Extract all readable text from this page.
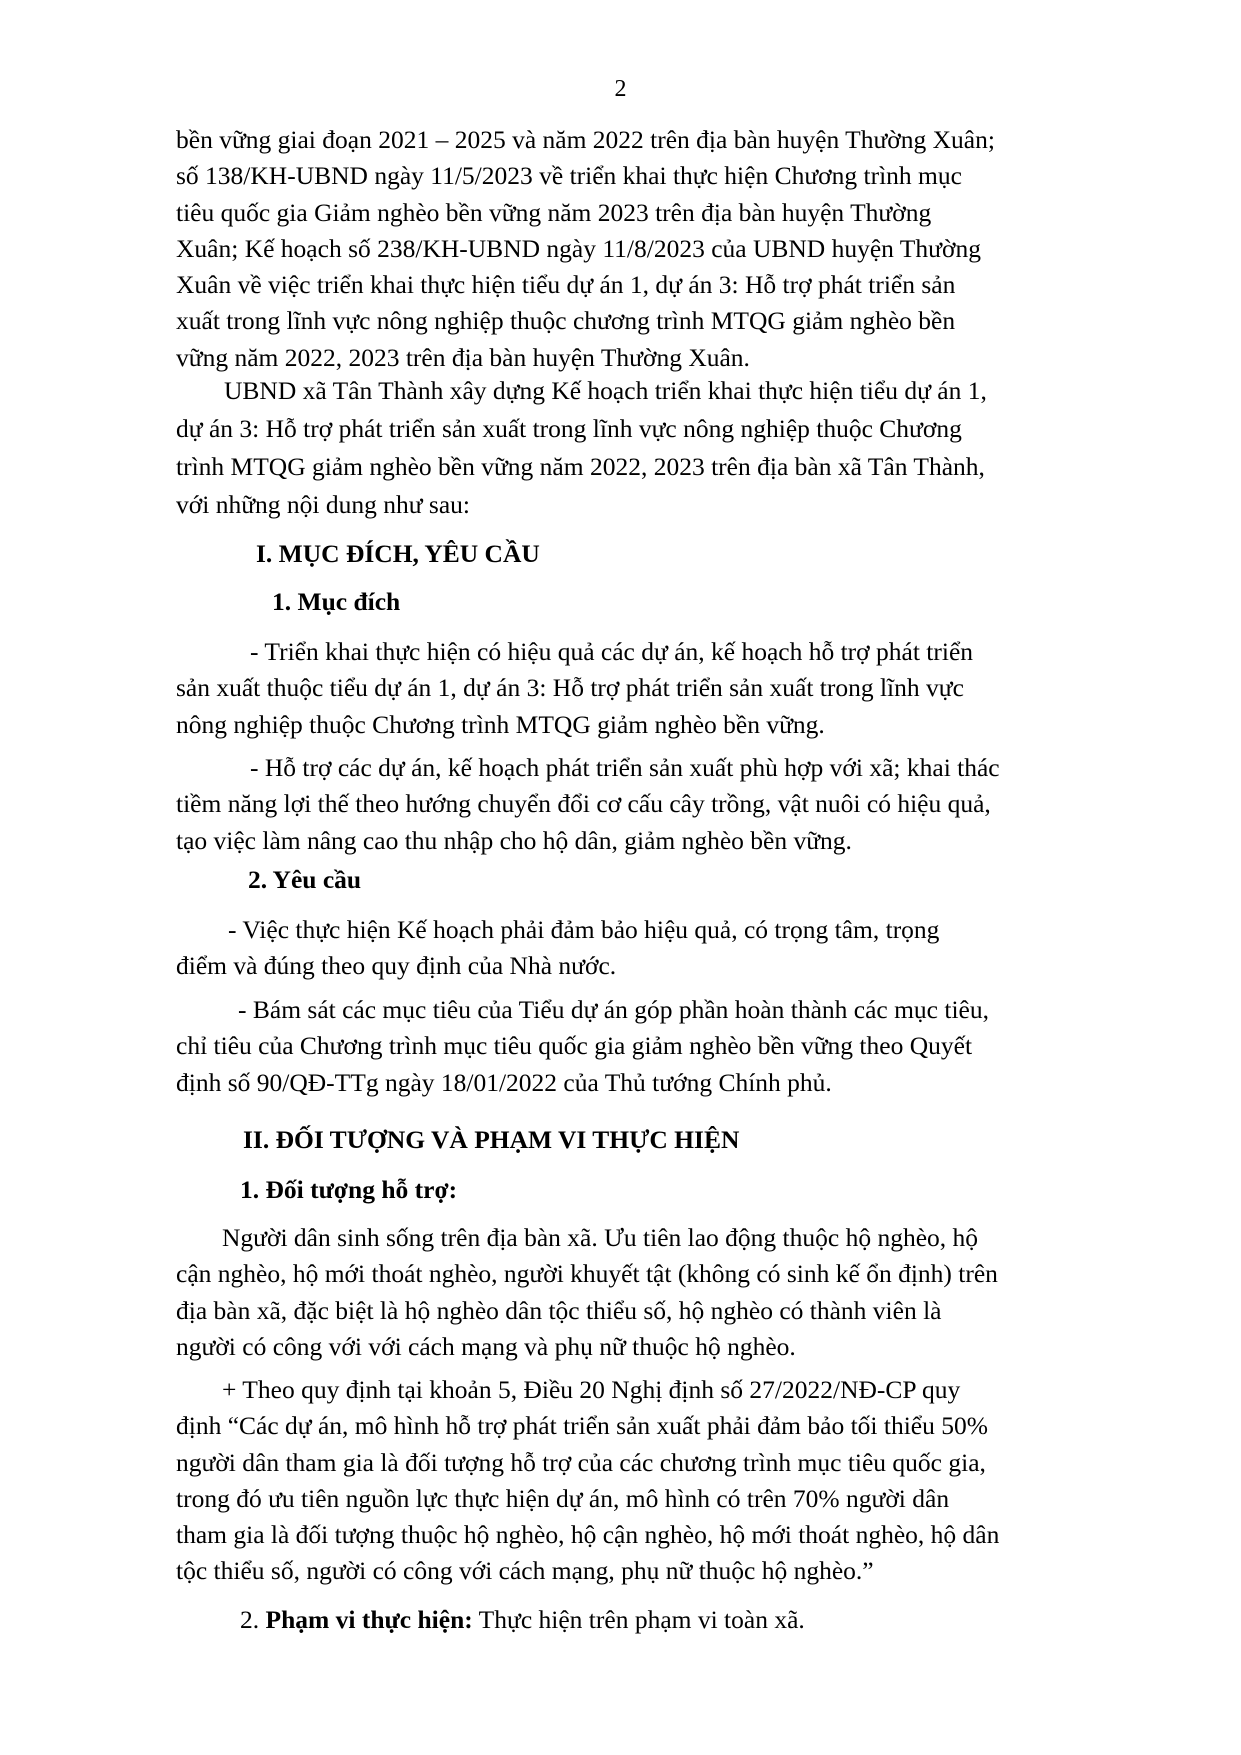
2
bền vững giai đoạn 2021 – 2025 và năm 2022 trên địa bàn huyện Thường Xuân;
số 138/KH-UBND ngày 11/5/2023 về triển khai thực hiện Chương trình mục
tiêu quốc gia Giảm nghèo bền vững năm 2023 trên địa bàn huyện Thường
Xuân; Kế hoạch số 238/KH-UBND ngày 11/8/2023 của UBND huyện Thường
Xuân về việc triển khai thực hiện tiểu dự án 1, dự án 3: Hỗ trợ phát triển sản
xuất trong lĩnh vực nông nghiệp thuộc chương trình MTQG giảm nghèo bền
vững năm 2022, 2023 trên địa bàn huyện Thường Xuân.
UBND xã Tân Thành xây dựng Kế hoạch triển khai thực hiện tiểu dự án 1,
dự án 3: Hỗ trợ phát triển sản xuất trong lĩnh vực nông nghiệp thuộc Chương
trình MTQG giảm nghèo bền vững năm 2022, 2023 trên địa bàn xã Tân Thành,
với những nội dung như sau:
I. MỤC ĐÍCH, YÊU CẦU
1. Mục đích
- Triển khai thực hiện có hiệu quả các dự án, kế hoạch hỗ trợ phát triển
sản xuất thuộc tiểu dự án 1, dự án 3: Hỗ trợ phát triển sản xuất trong lĩnh vực
nông nghiệp thuộc Chương trình MTQG giảm nghèo bền vững.
- Hỗ trợ các dự án, kế hoạch phát triển sản xuất phù hợp với xã; khai thác
tiềm năng lợi thế theo hướng chuyển đổi cơ cấu cây trồng, vật nuôi có hiệu quả,
tạo việc làm nâng cao thu nhập cho hộ dân, giảm nghèo bền vững.
2. Yêu cầu
- Việc thực hiện Kế hoạch phải đảm bảo hiệu quả, có trọng tâm, trọng
điểm và đúng theo quy định của Nhà nước.
- Bám sát các mục tiêu của Tiểu dự án góp phần hoàn thành các mục tiêu,
chỉ tiêu của Chương trình mục tiêu quốc gia giảm nghèo bền vững theo Quyết
định số 90/QĐ-TTg ngày 18/01/2022 của Thủ tướng Chính phủ.
II. ĐỐI TƯỢNG VÀ PHẠM VI THỰC HIỆN
1. Đối tượng hỗ trợ:
Người dân sinh sống trên địa bàn xã. Ưu tiên lao động thuộc hộ nghèo, hộ
cận nghèo, hộ mới thoát nghèo, người khuyết tật (không có sinh kế ổn định) trên
địa bàn xã, đặc biệt là hộ nghèo dân tộc thiểu số, hộ nghèo có thành viên là
người có công với với cách mạng và phụ nữ thuộc hộ nghèo.
+ Theo quy định tại khoản 5, Điều 20 Nghị định số 27/2022/NĐ-CP quy
định “Các dự án, mô hình hỗ trợ phát triển sản xuất phải đảm bảo tối thiểu 50%
người dân tham gia là đối tượng hỗ trợ của các chương trình mục tiêu quốc gia,
trong đó ưu tiên nguồn lực thực hiện dự án, mô hình có trên 70% người dân
tham gia là đối tượng thuộc hộ nghèo, hộ cận nghèo, hộ mới thoát nghèo, hộ dân
tộc thiểu số, người có công với cách mạng, phụ nữ thuộc hộ nghèo.”
2. Phạm vi thực hiện: Thực hiện trên phạm vi toàn xã.
